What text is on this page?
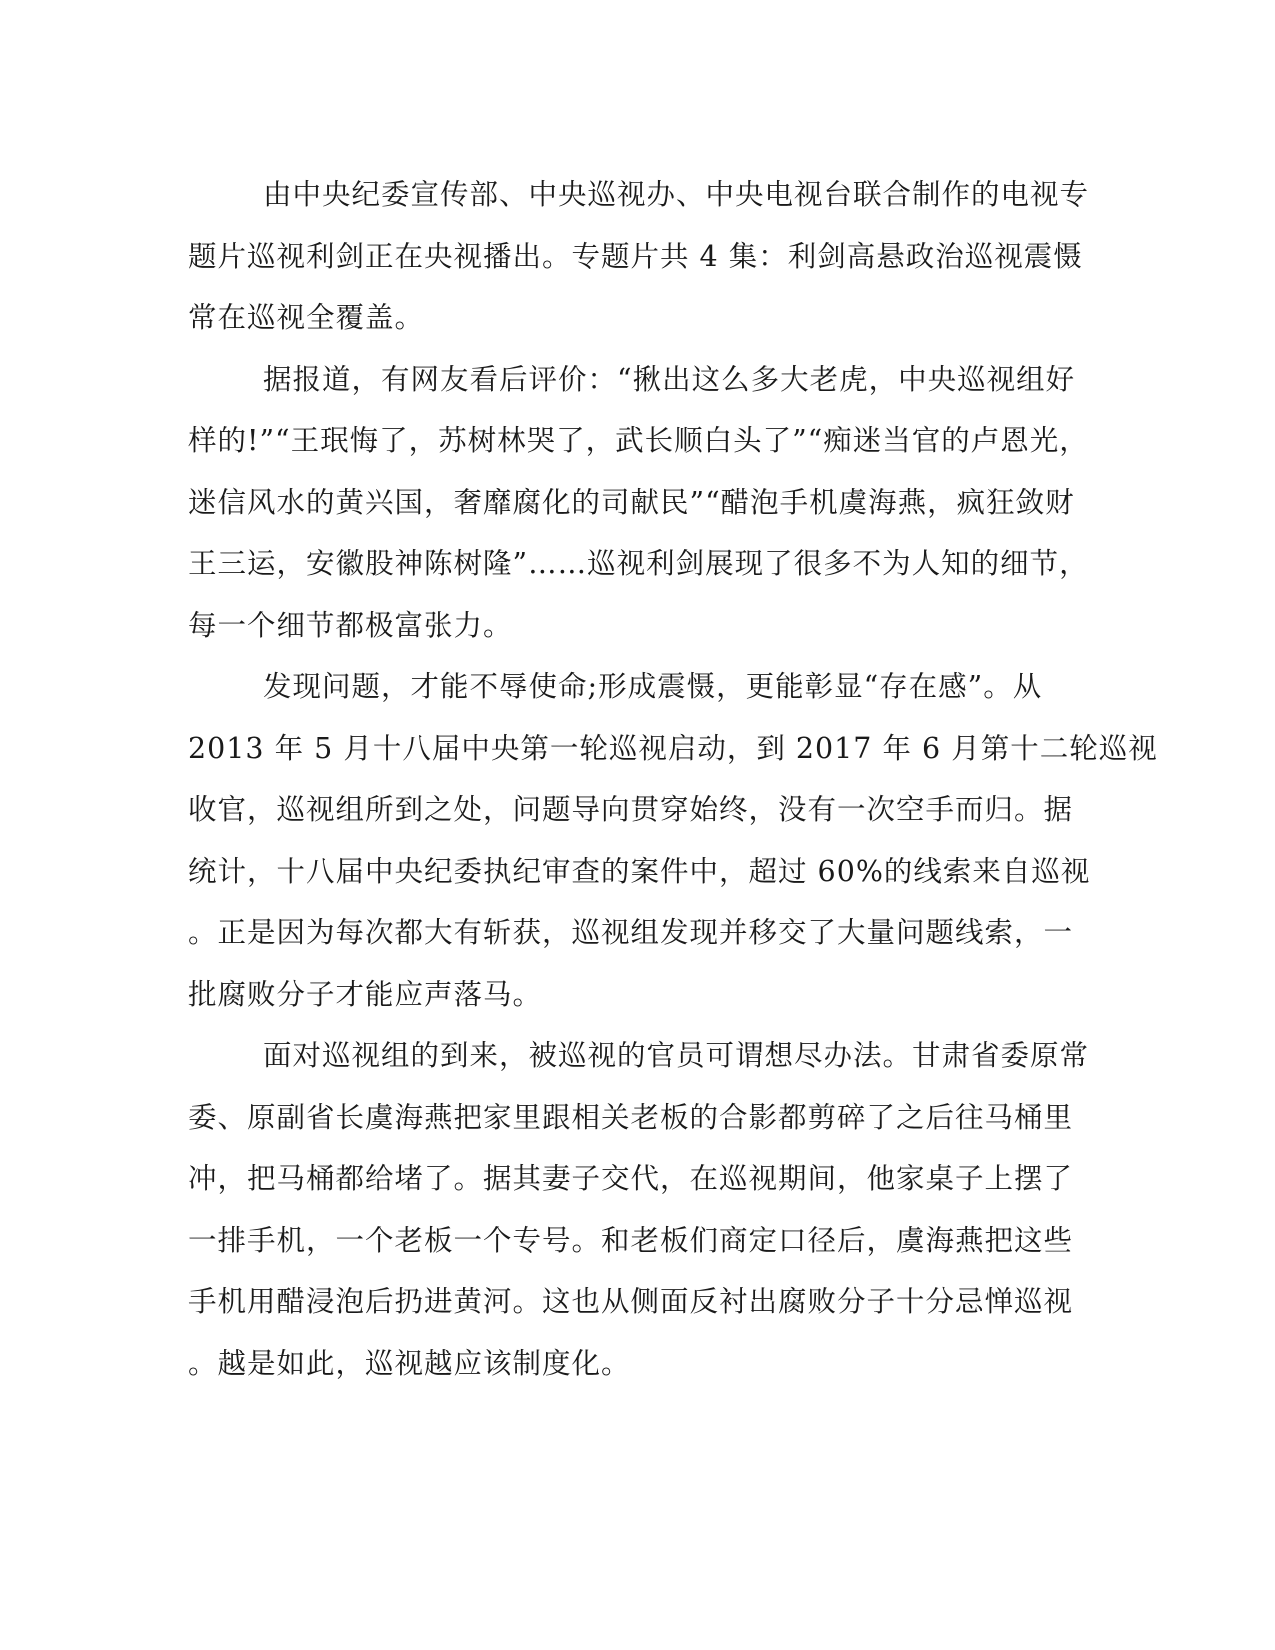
由中央纪委宣传部、中央巡视办、中央电视台联合制作的电视专
题片巡视利剑正在央视播出。专题片共 4 集：利剑高悬政治巡视震慑
常在巡视全覆盖。
据报道，有网友看后评价：“揪出这么多大老虎，中央巡视组好
样的!”“王珉悔了，苏树林哭了，武长顺白头了”“痴迷当官的卢恩光，
迷信风水的黄兴国，奢靡腐化的司献民”“醋泡手机虞海燕，疯狂敛财
王三运，安徽股神陈树隆”……巡视利剑展现了很多不为人知的细节，
每一个细节都极富张力。
发现问题，才能不辱使命;形成震慑，更能彰显“存在感”。从
2013 年 5 月十八届中央第一轮巡视启动，到 2017 年 6 月第十二轮巡视
收官，巡视组所到之处，问题导向贯穿始终，没有一次空手而归。据
统计，十八届中央纪委执纪审查的案件中，超过 60%的线索来自巡视
。正是因为每次都大有斩获，巡视组发现并移交了大量问题线索，一
批腐败分子才能应声落马。
面对巡视组的到来，被巡视的官员可谓想尽办法。甘肃省委原常
委、原副省长虞海燕把家里跟相关老板的合影都剪碎了之后往马桶里
冲，把马桶都给堵了。据其妻子交代，在巡视期间，他家桌子上摆了
一排手机，一个老板一个专号。和老板们商定口径后，虞海燕把这些
手机用醋浸泡后扔进黄河。这也从侧面反衬出腐败分子十分忌惮巡视
。越是如此，巡视越应该制度化。
